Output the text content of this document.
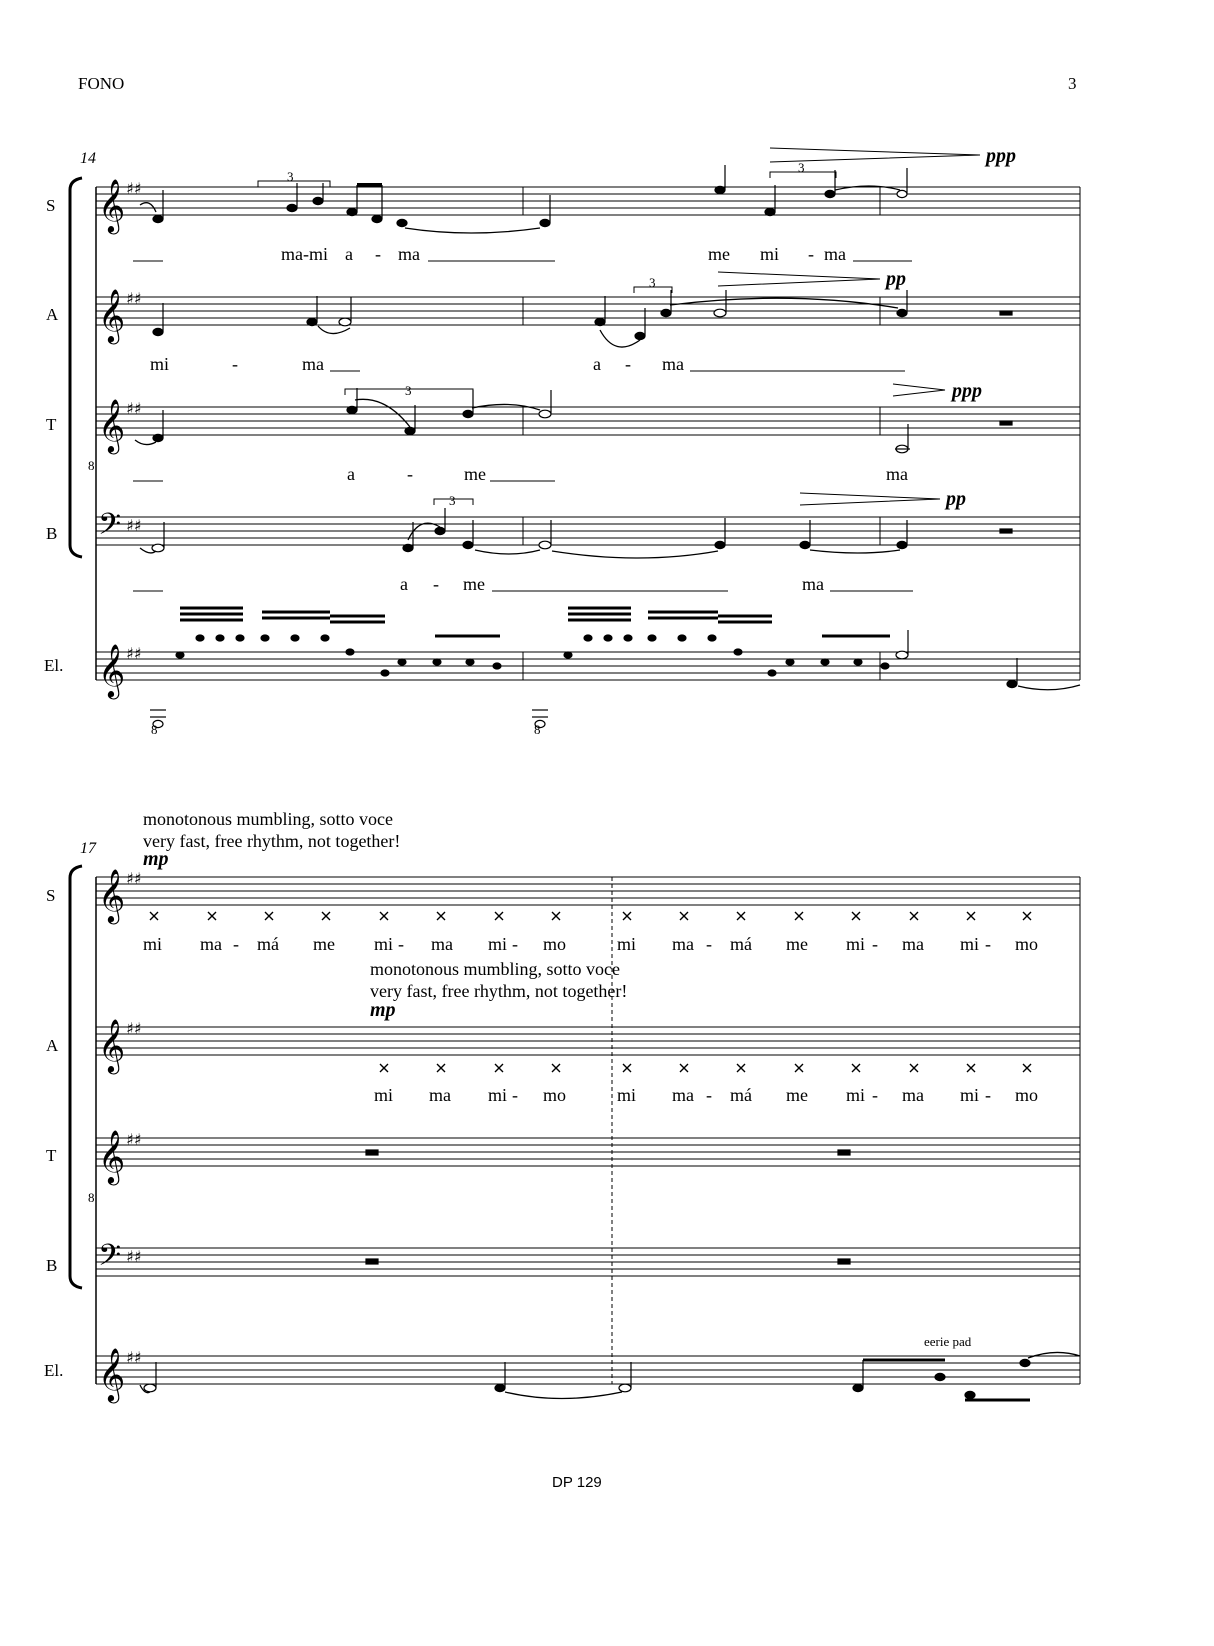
FONO	3
DP 129
𝄞
𝄞
𝄞
𝄢
𝄞
𝄞
𝄞
𝄞
𝄢
𝄞
♯♯
♯♯
♯♯
♯♯
♯♯
♯♯
♯♯
♯♯
♯♯
♯♯
14
S
A
T
B
El.
3
3
3
3
3
8
8	8
8
ppp
pp
ppp
pp
ma-mi a - ma	me mi - ma
mi	-	ma	a - ma
a	-	me	ma
a - me	ma
monotonous mumbling, sotto voce
very fast, free rhythm, not together!
17 mp
S
A
T
B
El.
mi ma - má me mi - ma mi - mo	mi ma - má me mi - ma mi - mo
monotonous mumbling, sotto voce
very fast, free rhythm, not together!
mp
mi ma mi - mo	mi ma - má me mi - ma mi - mo
eerie pad
